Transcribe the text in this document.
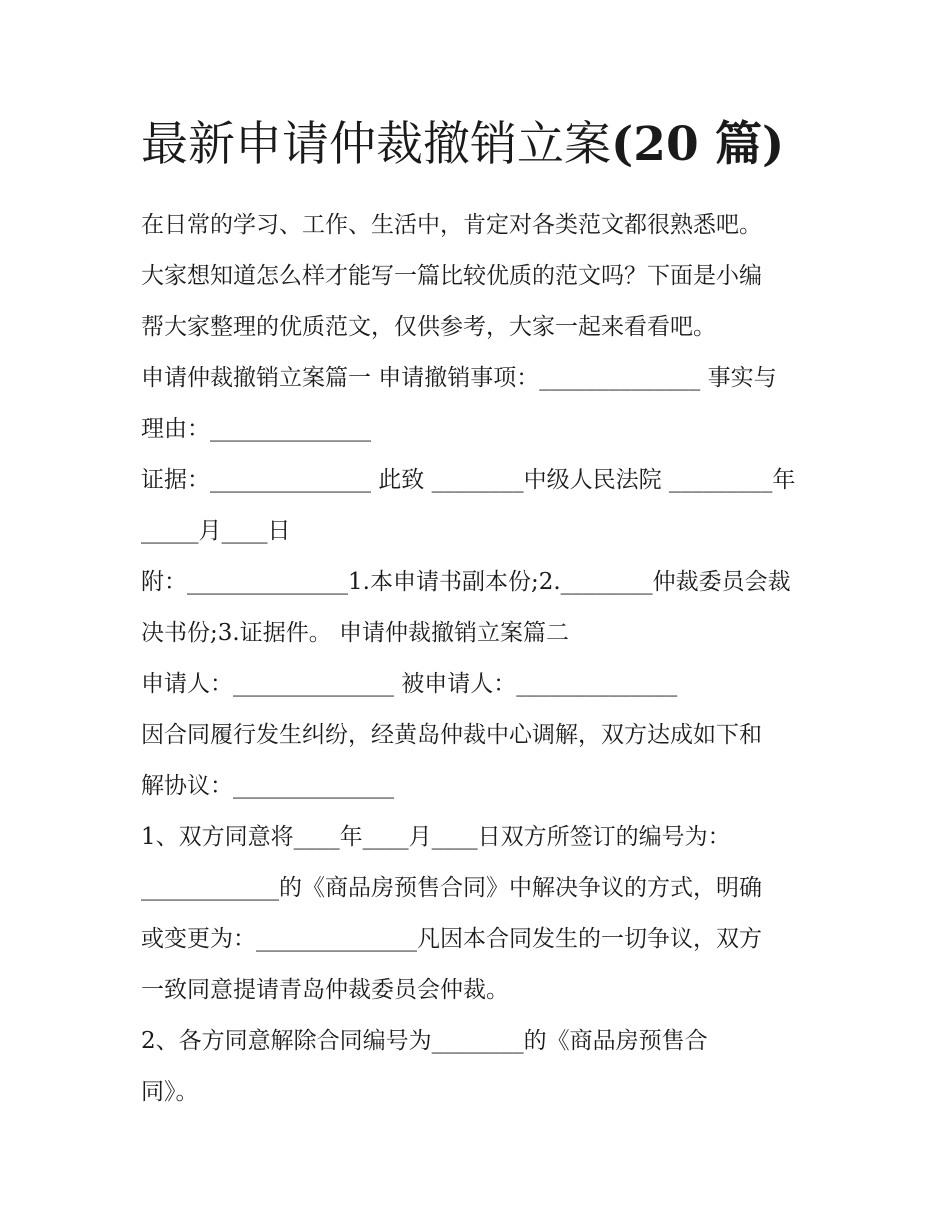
最新申请仲裁撤销立案(20 篇)
在日常的学习、工作、生活中，肯定对各类范文都很熟悉吧。
大家想知道怎么样才能写一篇比较优质的范文吗？下面是小编
帮大家整理的优质范文，仅供参考，大家一起来看看吧。
申请仲裁撤销立案篇一 申请撤销事项：______________ 事实与
理由：______________
证据：______________ 此致 ________中级人民法院 _________年
_____月____日
附：______________1.本申请书副本份;2.________仲裁委员会裁
决书份;3.证据件。 申请仲裁撤销立案篇二
申请人：______________ 被申请人：______________
因合同履行发生纠纷，经黄岛仲裁中心调解，双方达成如下和
解协议：______________
1、双方同意将____年____月____日双方所签订的编号为：
____________的《商品房预售合同》中解决争议的方式，明确
或变更为：______________凡因本合同发生的一切争议，双方
一致同意提请青岛仲裁委员会仲裁。
2、各方同意解除合同编号为________的《商品房预售合
同》。
